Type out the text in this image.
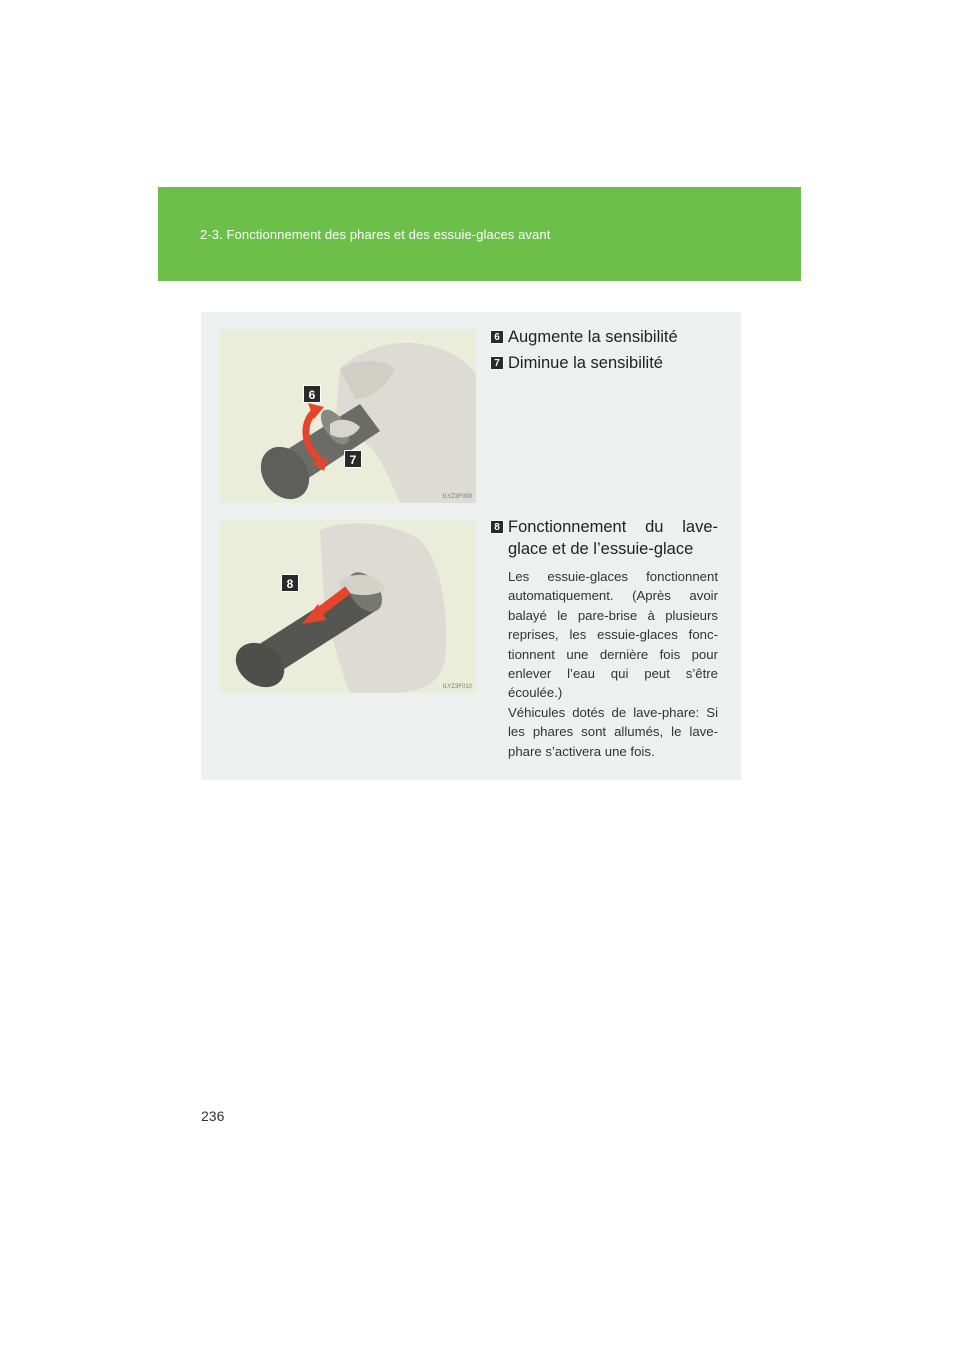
2-3. Fonctionnement des phares et des essuie-glaces avant
6
7
ILYZ3F009
8
ILYZ3F010
6 Augmente la sensibilité
7 Diminue la sensibilité
8 Fonctionnement du lave-glace et de l’essuie-glace

Les essuie-glaces fonctionnent automatiquement. (Après avoir balayé le pare-brise à plusieurs reprises, les essuie-glaces fonc-tionnent une dernière fois pour enlever l’eau qui peut s’être écoulée.)

Véhicules dotés de lave-phare: Si les phares sont allumés, le lave-phare s’activera une fois.

236
